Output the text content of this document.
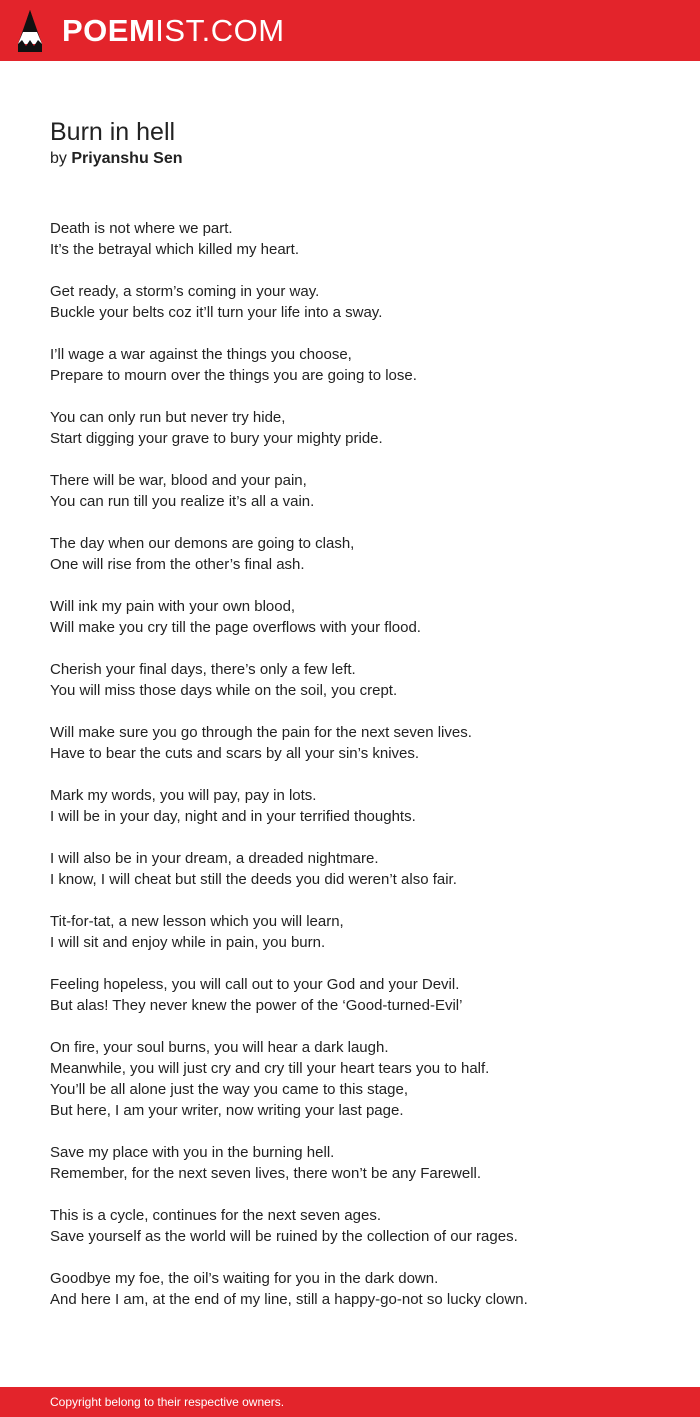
POEMIST.COM
Burn in hell
by Priyanshu Sen
Death is not where we part.
It’s the betrayal which killed my heart.
Get ready, a storm’s coming in your way.
Buckle your belts coz it’ll turn your life into a sway.
I’ll wage a war against the things you choose,
Prepare to mourn over the things you are going to lose.
You can only run but never try hide,
Start digging your grave to bury your mighty pride.
There will be war, blood and your pain,
You can run till you realize it’s all a vain.
The day when our demons are going to clash,
One will rise from the other’s final ash.
Will ink my pain with your own blood,
Will make you cry till the page overflows with your flood.
Cherish your final days, there’s only a few left.
You will miss those days while on the soil, you crept.
Will make sure you go through the pain for the next seven lives.
Have to bear the cuts and scars by all your sin’s knives.
Mark my words, you will pay, pay in lots.
I will be in your day, night and in your terrified thoughts.
I will also be in your dream, a dreaded nightmare.
I know, I will cheat but still the deeds you did weren’t also fair.
Tit-for-tat, a new lesson which you will learn,
I will sit and enjoy while in pain, you burn.
Feeling hopeless, you will call out to your God and your Devil.
But alas! They never knew the power of the ‘Good-turned-Evil’
On fire, your soul burns, you will hear a dark laugh.
Meanwhile, you will just cry and cry till your heart tears you to half.
You’ll be all alone just the way you came to this stage,
But here, I am your writer, now writing your last page.
Save my place with you in the burning hell.
Remember, for the next seven lives, there won’t be any Farewell.
This is a cycle, continues for the next seven ages.
Save yourself as the world will be ruined by the collection of our rages.
Goodbye my foe, the oil’s waiting for you in the dark down.
And here I am, at the end of my line, still a happy-go-not so lucky clown.
Copyright belong to their respective owners.
